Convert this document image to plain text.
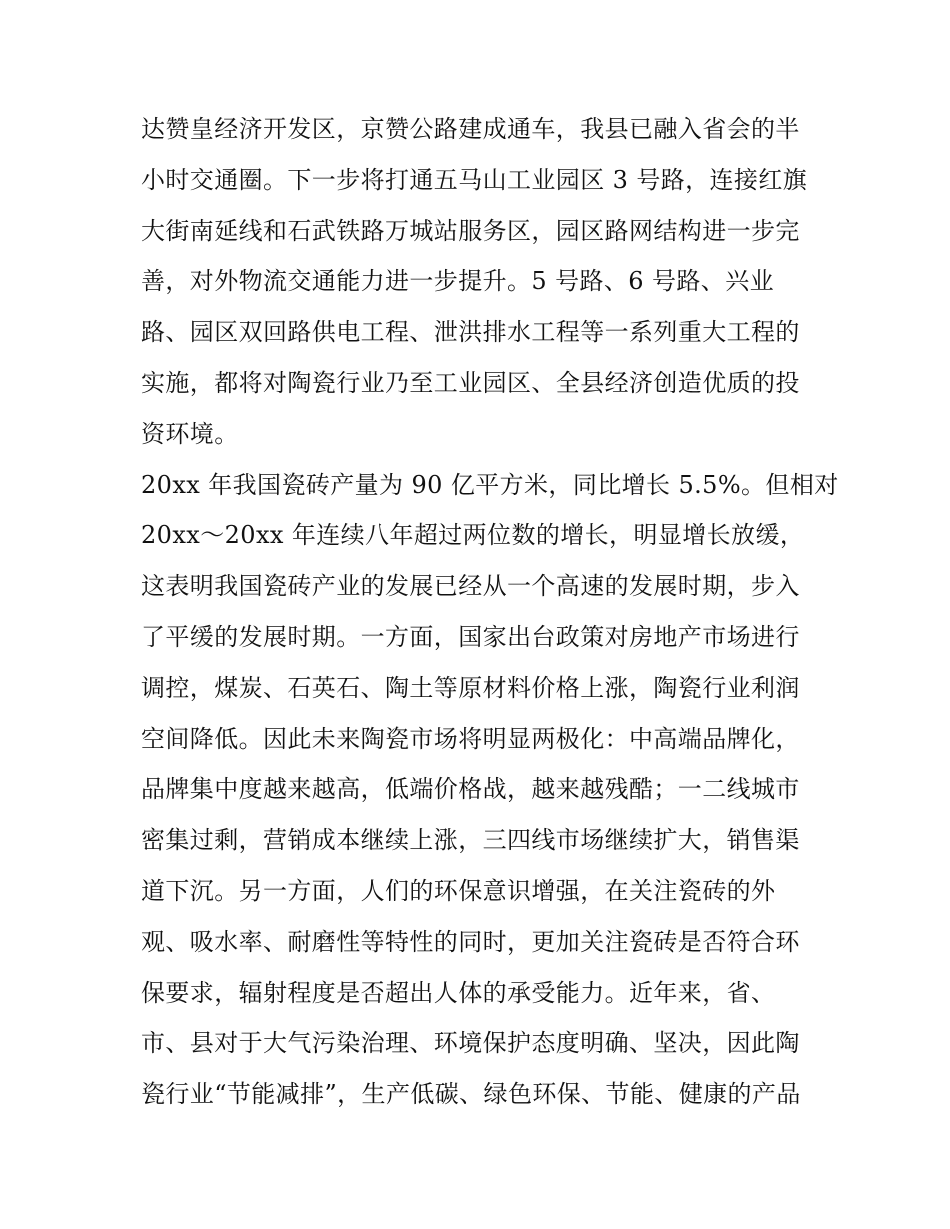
达赞皇经济开发区，京赞公路建成通车，我县已融入省会的半
小时交通圈。下一步将打通五马山工业园区 3 号路，连接红旗
大街南延线和石武铁路万城站服务区，园区路网结构进一步完
善，对外物流交通能力进一步提升。5 号路、6 号路、兴业
路、园区双回路供电工程、泄洪排水工程等一系列重大工程的
实施，都将对陶瓷行业乃至工业园区、全县经济创造优质的投
资环境。
20xx 年我国瓷砖产量为 90 亿平方米，同比增长 5.5%。但相对
20xx～20xx 年连续八年超过两位数的增长，明显增长放缓，
这表明我国瓷砖产业的发展已经从一个高速的发展时期，步入
了平缓的发展时期。一方面，国家出台政策对房地产市场进行
调控，煤炭、石英石、陶土等原材料价格上涨，陶瓷行业利润
空间降低。因此未来陶瓷市场将明显两极化：中高端品牌化，
品牌集中度越来越高，低端价格战，越来越残酷；一二线城市
密集过剩，营销成本继续上涨，三四线市场继续扩大，销售渠
道下沉。另一方面，人们的环保意识增强，在关注瓷砖的外
观、吸水率、耐磨性等特性的同时，更加关注瓷砖是否符合环
保要求，辐射程度是否超出人体的承受能力。近年来，省、
市、县对于大气污染治理、环境保护态度明确、坚决，因此陶
瓷行业“节能减排”，生产低碳、绿色环保、节能、健康的产品
